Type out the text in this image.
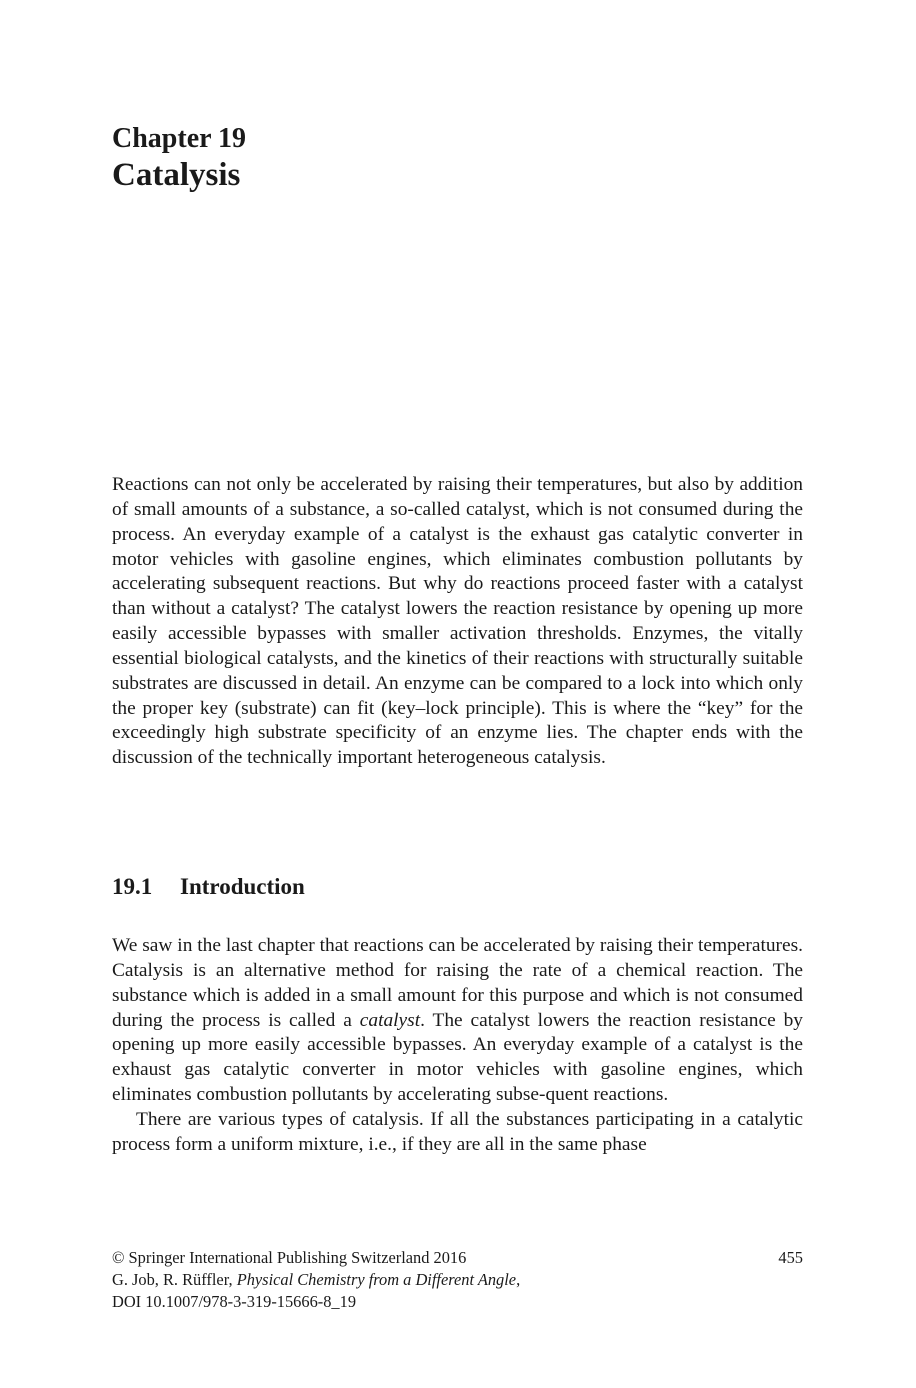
Chapter 19
Catalysis

Reactions can not only be accelerated by raising their temperatures, but also by addition of small amounts of a substance, a so-called catalyst, which is not consumed during the process. An everyday example of a catalyst is the exhaust gas catalytic converter in motor vehicles with gasoline engines, which eliminates combustion pollutants by accelerating subsequent reactions. But why do reactions proceed faster with a catalyst than without a catalyst? The catalyst lowers the reaction resistance by opening up more easily accessible bypasses with smaller activation thresholds. Enzymes, the vitally essential biological catalysts, and the kinetics of their reactions with structurally suitable substrates are discussed in detail. An enzyme can be compared to a lock into which only the proper key (substrate) can fit (key–lock principle). This is where the “key” for the exceedingly high substrate specificity of an enzyme lies. The chapter ends with the discussion of the technically important heterogeneous catalysis.

19.1 Introduction

We saw in the last chapter that reactions can be accelerated by raising their temperatures. Catalysis is an alternative method for raising the rate of a chemical reaction. The substance which is added in a small amount for this purpose and which is not consumed during the process is called a catalyst. The catalyst lowers the reaction resistance by opening up more easily accessible bypasses. An everyday example of a catalyst is the exhaust gas catalytic converter in motor vehicles with gasoline engines, which eliminates combustion pollutants by accelerating subse-quent reactions.

There are various types of catalysis. If all the substances participating in a catalytic process form a uniform mixture, i.e., if they are all in the same phase

© Springer International Publishing Switzerland 2016
G. Job, R. Rüffler, Physical Chemistry from a Different Angle,
DOI 10.1007/978-3-319-15666-8_19
455
